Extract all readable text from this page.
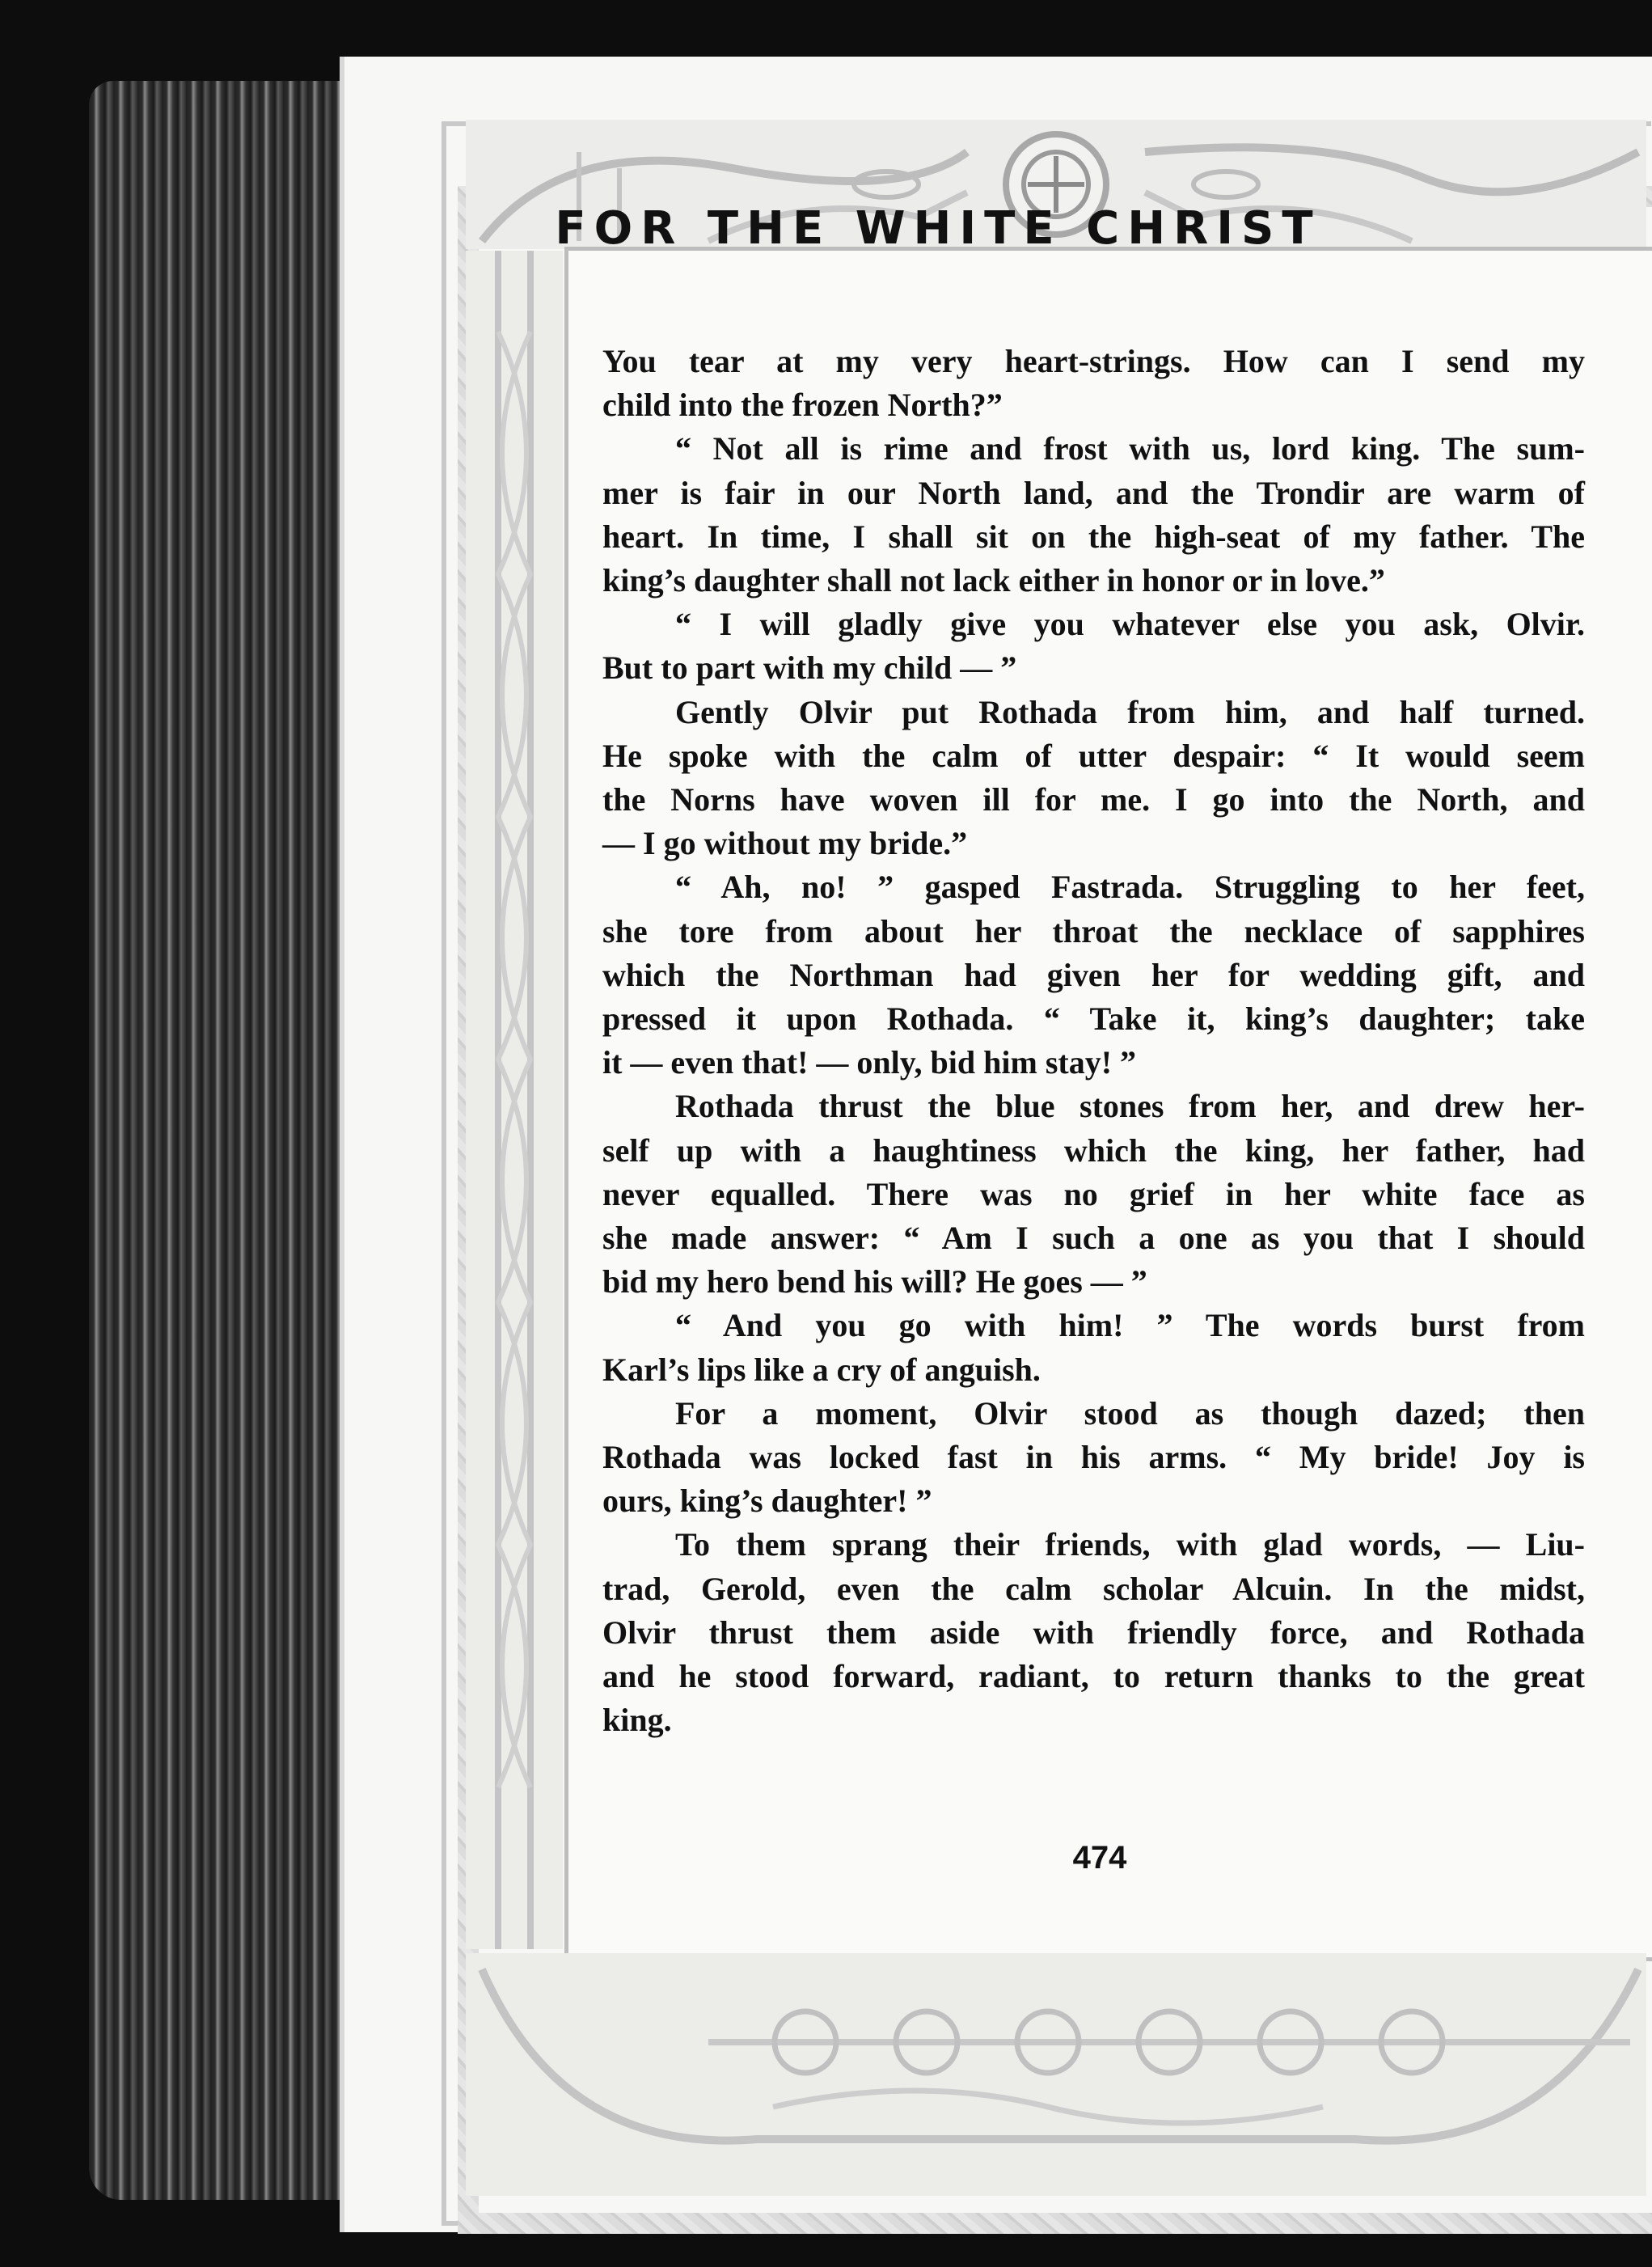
FOR THE WHITE CHRIST
You tear at my very heart-strings. How can I send my
child into the frozen North?”
“ Not all is rime and frost with us, lord king. The sum-
mer is fair in our North land, and the Trondir are warm of
heart. In time, I shall sit on the high-seat of my father. The
king’s daughter shall not lack either in honor or in love.”
“ I will gladly give you whatever else you ask, Olvir.
But to part with my child — ”
Gently Olvir put Rothada from him, and half turned.
He spoke with the calm of utter despair: “ It would seem
the Norns have woven ill for me. I go into the North, and
— I go without my bride.”
“ Ah, no! ” gasped Fastrada. Struggling to her feet,
she tore from about her throat the necklace of sapphires
which the Northman had given her for wedding gift, and
pressed it upon Rothada. “ Take it, king’s daughter; take
it — even that! — only, bid him stay! ”
Rothada thrust the blue stones from her, and drew her-
self up with a haughtiness which the king, her father, had
never equalled. There was no grief in her white face as
she made answer: “ Am I such a one as you that I should
bid my hero bend his will? He goes — ”
“ And you go with him! ” The words burst from
Karl’s lips like a cry of anguish.
For a moment, Olvir stood as though dazed; then
Rothada was locked fast in his arms. “ My bride! Joy is
ours, king’s daughter! ”
To them sprang their friends, with glad words, — Liu-
trad, Gerold, even the calm scholar Alcuin. In the midst,
Olvir thrust them aside with friendly force, and Rothada
and he stood forward, radiant, to return thanks to the great
king.
474
